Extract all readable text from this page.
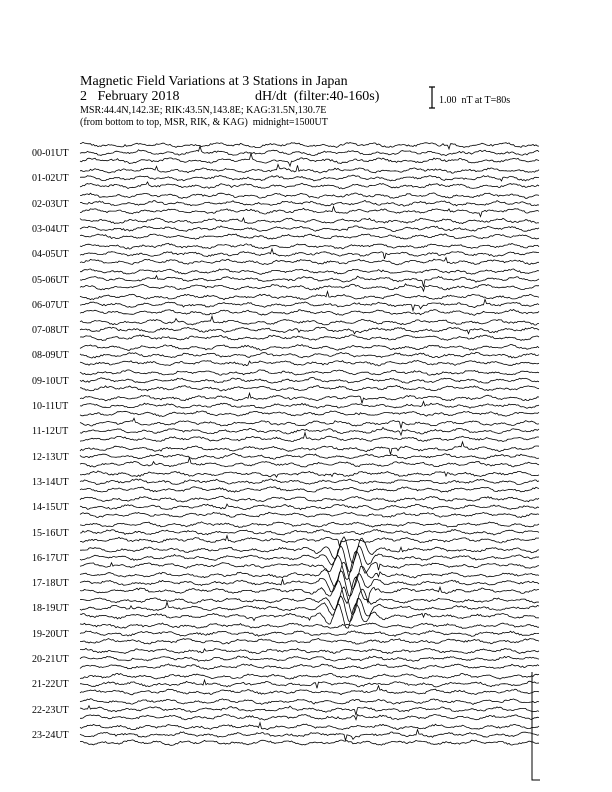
Magnetic Field Variations at 3 Stations in Japan
2   February 2018	dH/dt  (filter:40-160s)
MSR:44.4N,142.3E; RIK:43.5N,143.8E; KAG:31.5N,130.7E
(from bottom to top, MSR, RIK, & KAG)  midnight=1500UT
1.00  nT at T=80s
00-01UT
01-02UT
02-03UT
03-04UT
04-05UT
05-06UT
06-07UT
07-08UT
08-09UT
09-10UT
10-11UT
11-12UT
12-13UT
13-14UT
14-15UT
15-16UT
16-17UT
17-18UT
18-19UT
19-20UT
20-21UT
21-22UT
22-23UT
23-24UT
